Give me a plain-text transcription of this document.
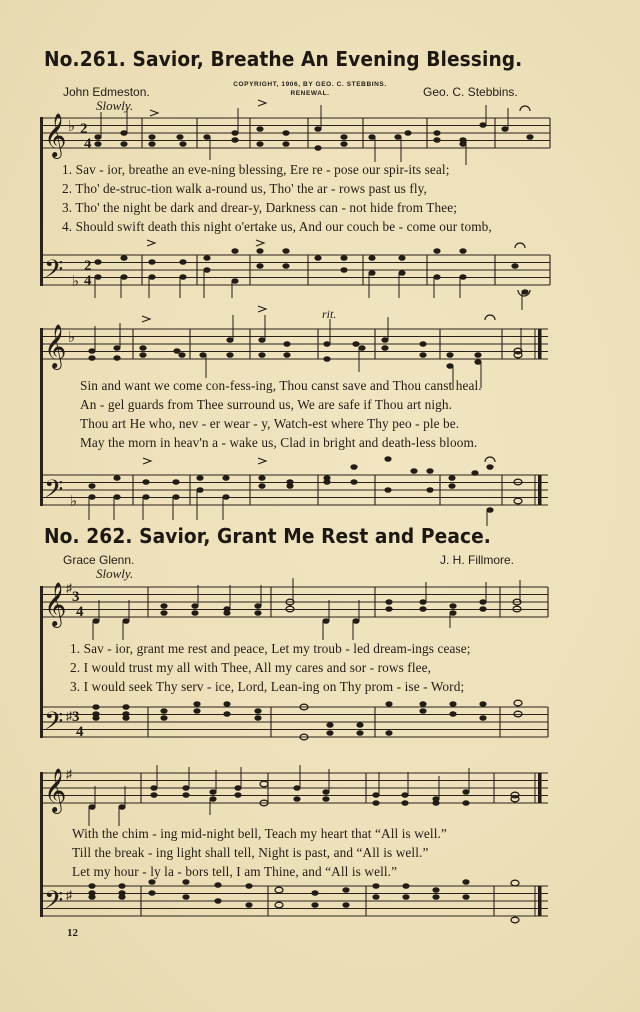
No.261. Savior, Breathe An Evening Blessing.
John Edmeston.
COPYRIGHT, 1906, BY GEO. C. STEBBINS.
RENEWAL.	Geo. C. Stebbins.
Slowly.
𝄞
𝄢
♭
♭
2
4
2
4
1. Sav - ior, breathe an eve-ning blessing, Ere re - pose our spir-its seal;
2. Tho' de-struc-tion walk a-round us, Tho' the ar - rows past us fly,
3. Tho' the night be dark and drear-y, Darkness can - not hide from Thee;
4. Should swift death this night o'ertake us, And our couch be - come our tomb,
𝄞
𝄢
♭
♭
rit.
Sin and want we come con-fess-ing, Thou canst save and Thou canst heal.
An - gel guards from Thee surround us, We are safe if Thou art nigh.
Thou art He who, nev - er wear - y, Watch-est where Thy peo - ple be.
May the morn in heav'n a - wake us, Clad in bright and death-less bloom.
No. 262. Savior, Grant Me Rest and Peace.
Grace Glenn.	J. H. Fillmore.
Slowly.
𝄞
𝄢
♯
♯
3
4
3
4
1. Sav - ior, grant me rest and peace, Let my troub - led dream-ings cease;
2. I would trust my all with Thee, All my cares and sor - rows flee,
3. I would seek Thy serv - ice, Lord, Lean-ing on Thy prom - ise - Word;
𝄞
𝄢
♯
♯
With the chim - ing mid-night bell, Teach my heart that “All is well.”
Till the break - ing light shall tell, Night is past, and “All is well.”
Let my hour - ly la - bors tell, I am Thine, and “All is well.”
12
